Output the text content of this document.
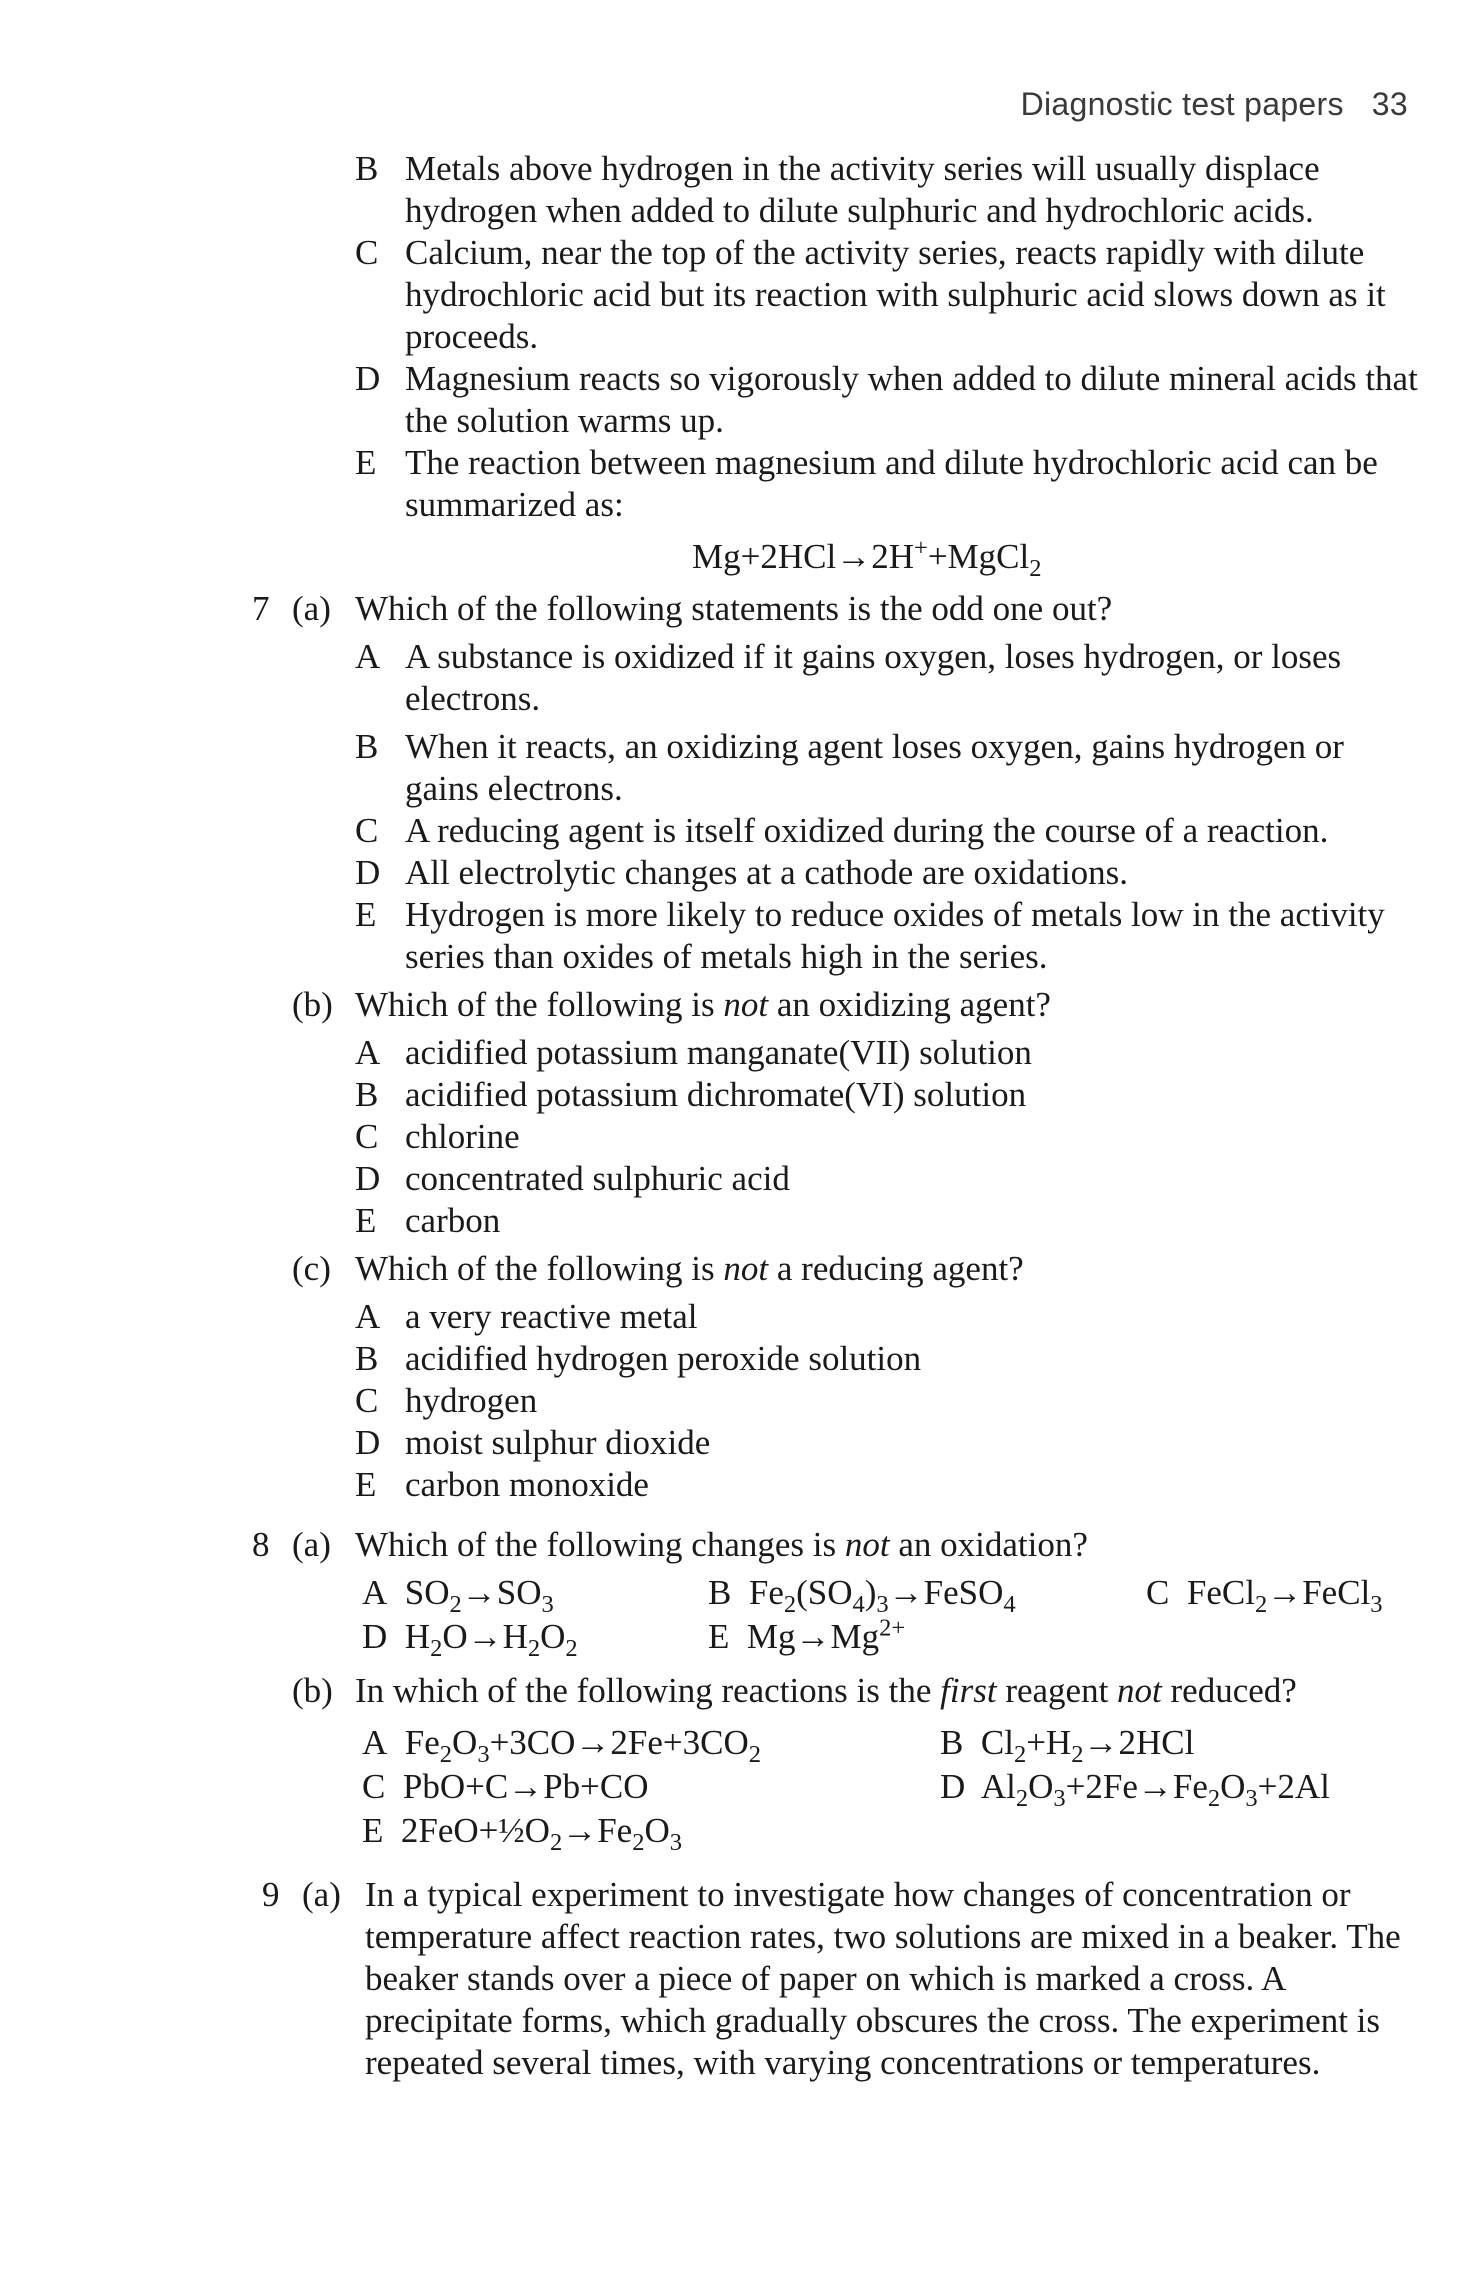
Diagnostic test papers 33
B Metals above hydrogen in the activity series will usually displace hydrogen when added to dilute sulphuric and hydrochloric acids.
C Calcium, near the top of the activity series, reacts rapidly with dilute hydrochloric acid but its reaction with sulphuric acid slows down as it proceeds.
D Magnesium reacts so vigorously when added to dilute mineral acids that the solution warms up.
E The reaction between magnesium and dilute hydrochloric acid can be summarized as:
Mg+2HCl→2H++MgCl$_2$
7 (a) Which of the following statements is the odd one out?
A A substance is oxidized if it gains oxygen, loses hydrogen, or loses electrons.
B When it reacts, an oxidizing agent loses oxygen, gains hydrogen or gains electrons.
C A reducing agent is itself oxidized during the course of a reaction.
D All electrolytic changes at a cathode are oxidations.
E Hydrogen is more likely to reduce oxides of metals low in the activity series than oxides of metals high in the series.
(b) Which of the following is not an oxidizing agent?
A acidified potassium manganate(VII) solution
B acidified potassium dichromate(VI) solution
C chlorine
D concentrated sulphuric acid
E carbon
(c) Which of the following is not a reducing agent?
A a very reactive metal
B acidified hydrogen peroxide solution
C hydrogen
D moist sulphur dioxide
E carbon monoxide
8 (a) Which of the following changes is not an oxidation?
A  $SO_2\to SO_3$	B  $Fe_2(SO_4)_3\to FeSO_4$	C  FeCl$_2$→FeCl$_3$
D  $H_2O\to H_2O_2$	E  $Mg\to Mg^{2+}$
(b) In which of the following reactions is the first reagent not reduced?
A  $Fe_2O_3+3CO\to 2Fe+3CO_2$	B  $Cl_2+H_2\to 2HCl$
C  PbO+C→Pb+CO	D  $Al_2O_3+2Fe\to Fe_2O_3+2Al$
E  $2FeO+\frac{1}{2}O_2\to Fe_2O_3$
9 (a) In a typical experiment to investigate how changes of concentration or temperature affect reaction rates, two solutions are mixed in a beaker. The beaker stands over a piece of paper on which is marked a cross. A precipitate forms, which gradually obscures the cross. The experiment is repeated several times, with varying concentrations or temperatures.
